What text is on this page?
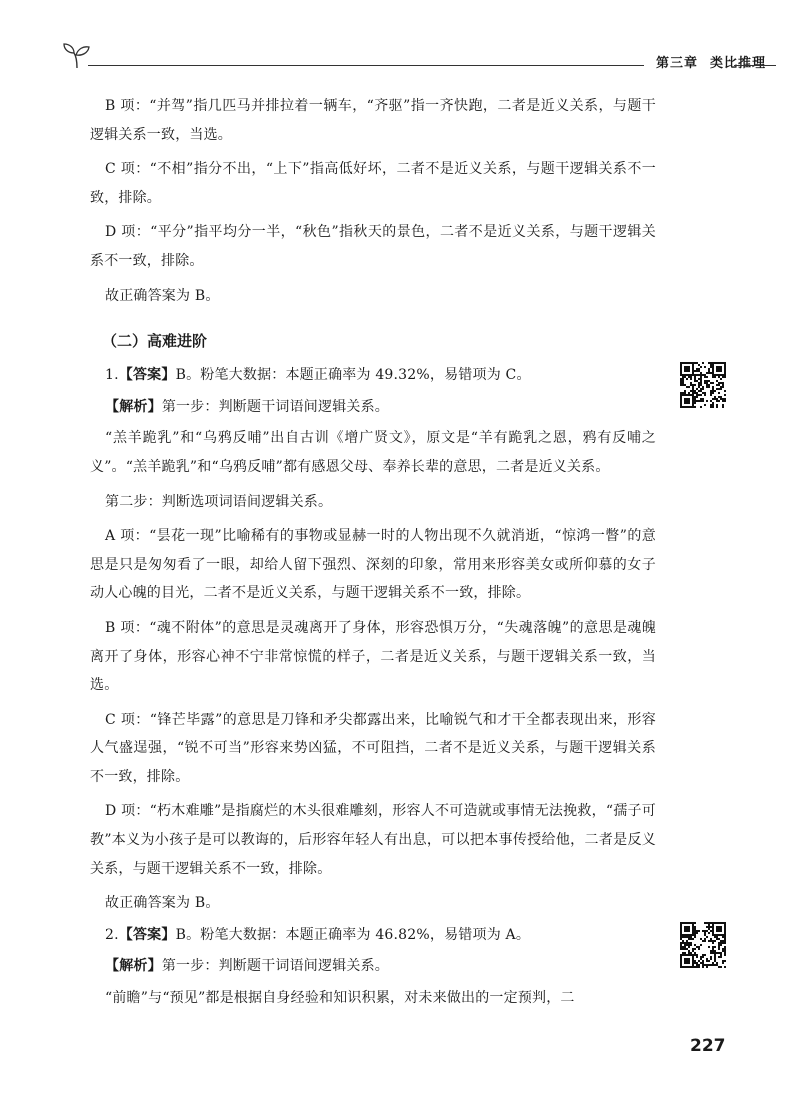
第三章 类比推理

B 项：“并驾”指几匹马并排拉着一辆车，“齐驱”指一齐快跑，二者是近义关系，与题干逻辑关系一致，当选。

C 项：“不相”指分不出，“上下”指高低好坏，二者不是近义关系，与题干逻辑关系不一致，排除。

D 项：“平分”指平均分一半，“秋色”指秋天的景色，二者不是近义关系，与题干逻辑关系不一致，排除。

故正确答案为 B。

（二）高难进阶

1.【答案】B。粉笔大数据：本题正确率为 49.32%，易错项为 C。

【解析】第一步：判断题干词语间逻辑关系。

“羔羊跪乳”和“乌鸦反哺”出自古训《增广贤文》，原文是“羊有跪乳之恩，鸦有反哺之义”。“羔羊跪乳”和“乌鸦反哺”都有感恩父母、奉养长辈的意思，二者是近义关系。

第二步：判断选项词语间逻辑关系。

A 项：“昙花一现”比喻稀有的事物或显赫一时的人物出现不久就消逝，“惊鸿一瞥”的意思是只是匆匆看了一眼，却给人留下强烈、深刻的印象，常用来形容美女或所仰慕的女子动人心魄的目光，二者不是近义关系，与题干逻辑关系不一致，排除。

B 项：“魂不附体”的意思是灵魂离开了身体，形容恐惧万分，“失魂落魄”的意思是魂魄离开了身体，形容心神不宁非常惊慌的样子，二者是近义关系，与题干逻辑关系一致，当选。

C 项：“锋芒毕露”的意思是刀锋和矛尖都露出来，比喻锐气和才干全都表现出来，形容人气盛逞强，“锐不可当”形容来势凶猛，不可阻挡，二者不是近义关系，与题干逻辑关系不一致，排除。

D 项：“朽木难雕”是指腐烂的木头很难雕刻，形容人不可造就或事情无法挽救，“孺子可教”本义为小孩子是可以教诲的，后形容年轻人有出息，可以把本事传授给他，二者是反义关系，与题干逻辑关系不一致，排除。

故正确答案为 B。

2.【答案】B。粉笔大数据：本题正确率为 46.82%，易错项为 A。

【解析】第一步：判断题干词语间逻辑关系。

“前瞻”与“预见”都是根据自身经验和知识积累，对未来做出的一定预判，二

227
